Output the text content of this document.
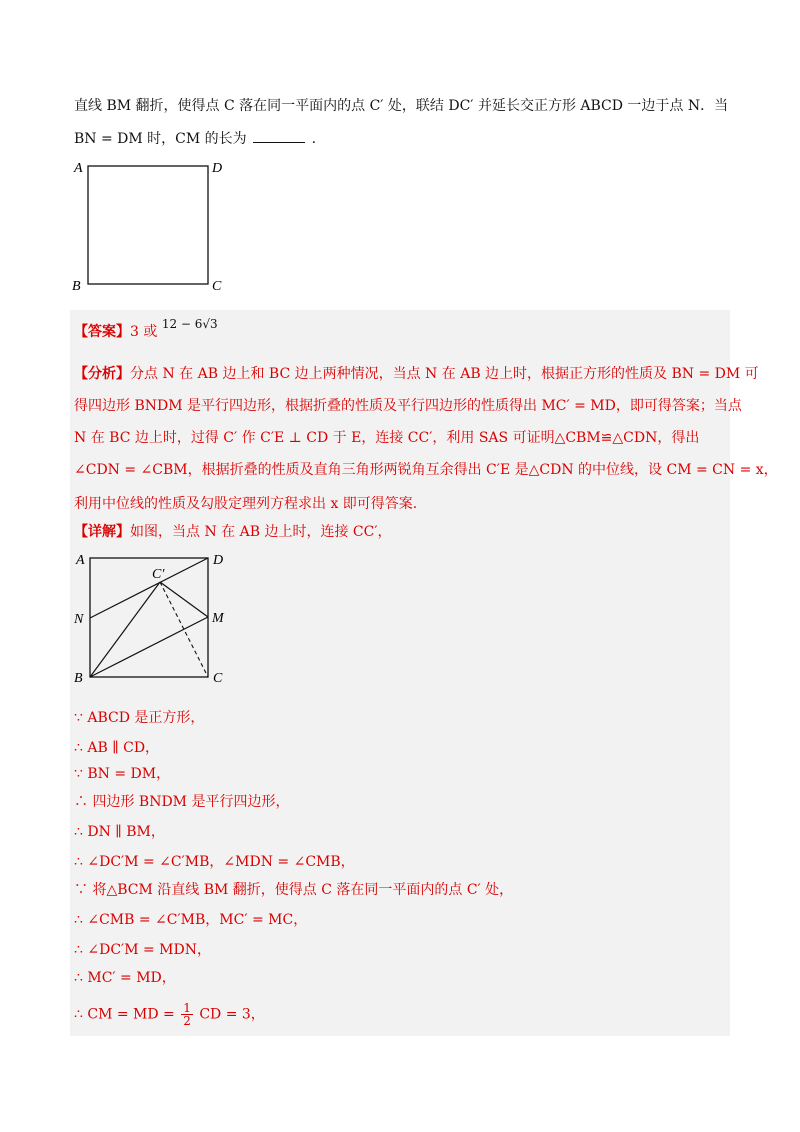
直线 BM 翻折，使得点 C 落在同一平面内的点 C′ 处，联结 DC′ 并延长交正方形 ABCD 一边于点 N．当
BN = DM 时，CM 的长为	.
A	D
B	C
【答案】3 或 12 − 6√3
【分析】分点 N 在 AB 边上和 BC 边上两种情况，当点 N 在 AB 边上时，根据正方形的性质及 BN = DM 可
得四边形 BNDM 是平行四边形，根据折叠的性质及平行四边形的性质得出 MC′ = MD，即可得答案；当点
N 在 BC 边上时，过得 C′ 作 C′E ⊥ CD 于 E，连接 CC′，利用 SAS 可证明△CBM≌△CDN，得出
∠CDN = ∠CBM，根据折叠的性质及直角三角形两锐角互余得出 C′E 是△CDN 的中位线，设 CM = CN = x，
利用中位线的性质及勾股定理列方程求出 x 即可得答案.
【详解】如图，当点 N 在 AB 边上时，连接 CC′，
A	D
N	M
B	C
C′
∵ ABCD 是正方形，
∴ AB ∥ CD，
∵ BN = DM，
∴ 四边形 BNDM 是平行四边形，
∴ DN ∥ BM，
∴ ∠DC′M = ∠C′MB，∠MDN = ∠CMB，
∵ 将△BCM 沿直线 BM 翻折，使得点 C 落在同一平面内的点 C′ 处，
∴ ∠CMB = ∠C′MB，MC′ = MC，
∴ ∠DC′M = MDN，
∴ MC′ = MD，
∴ CM = MD = $\frac{1}{2}$ CD = 3，
